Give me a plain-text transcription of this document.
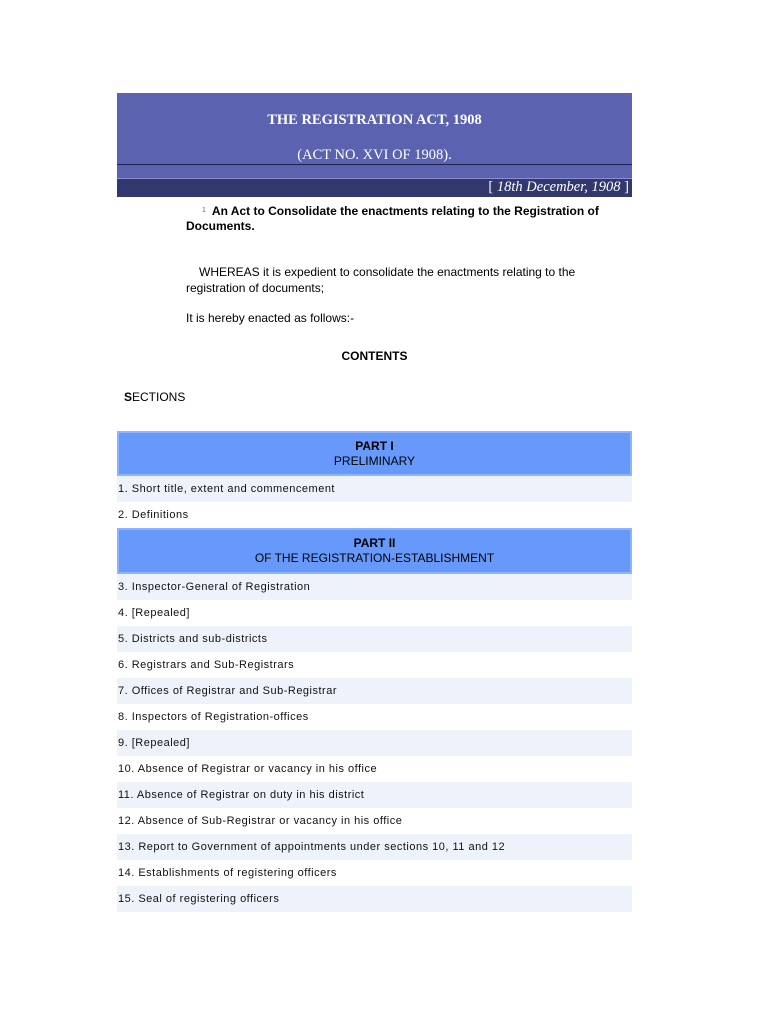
THE REGISTRATION ACT, 1908
(ACT NO. XVI OF 1908).
[ 18th December, 1908 ]
$^1$ An Act to Consolidate the enactments relating to the Registration of Documents.
WHEREAS it is expedient to consolidate the enactments relating to the registration of documents;
It is hereby enacted as follows:-
CONTENTS
SECTIONS
PART I
PRELIMINARY
1. Short title, extent and commencement
2. Definitions
PART II
OF THE REGISTRATION-ESTABLISHMENT
3. Inspector-General of Registration
4. [Repealed]
5. Districts and sub-districts
6. Registrars and Sub-Registrars
7. Offices of Registrar and Sub-Registrar
8. Inspectors of Registration-offices
9. [Repealed]
10. Absence of Registrar or vacancy in his office
11. Absence of Registrar on duty in his district
12. Absence of Sub-Registrar or vacancy in his office
13. Report to Government of appointments under sections 10, 11 and 12
14. Establishments of registering officers
15. Seal of registering officers
